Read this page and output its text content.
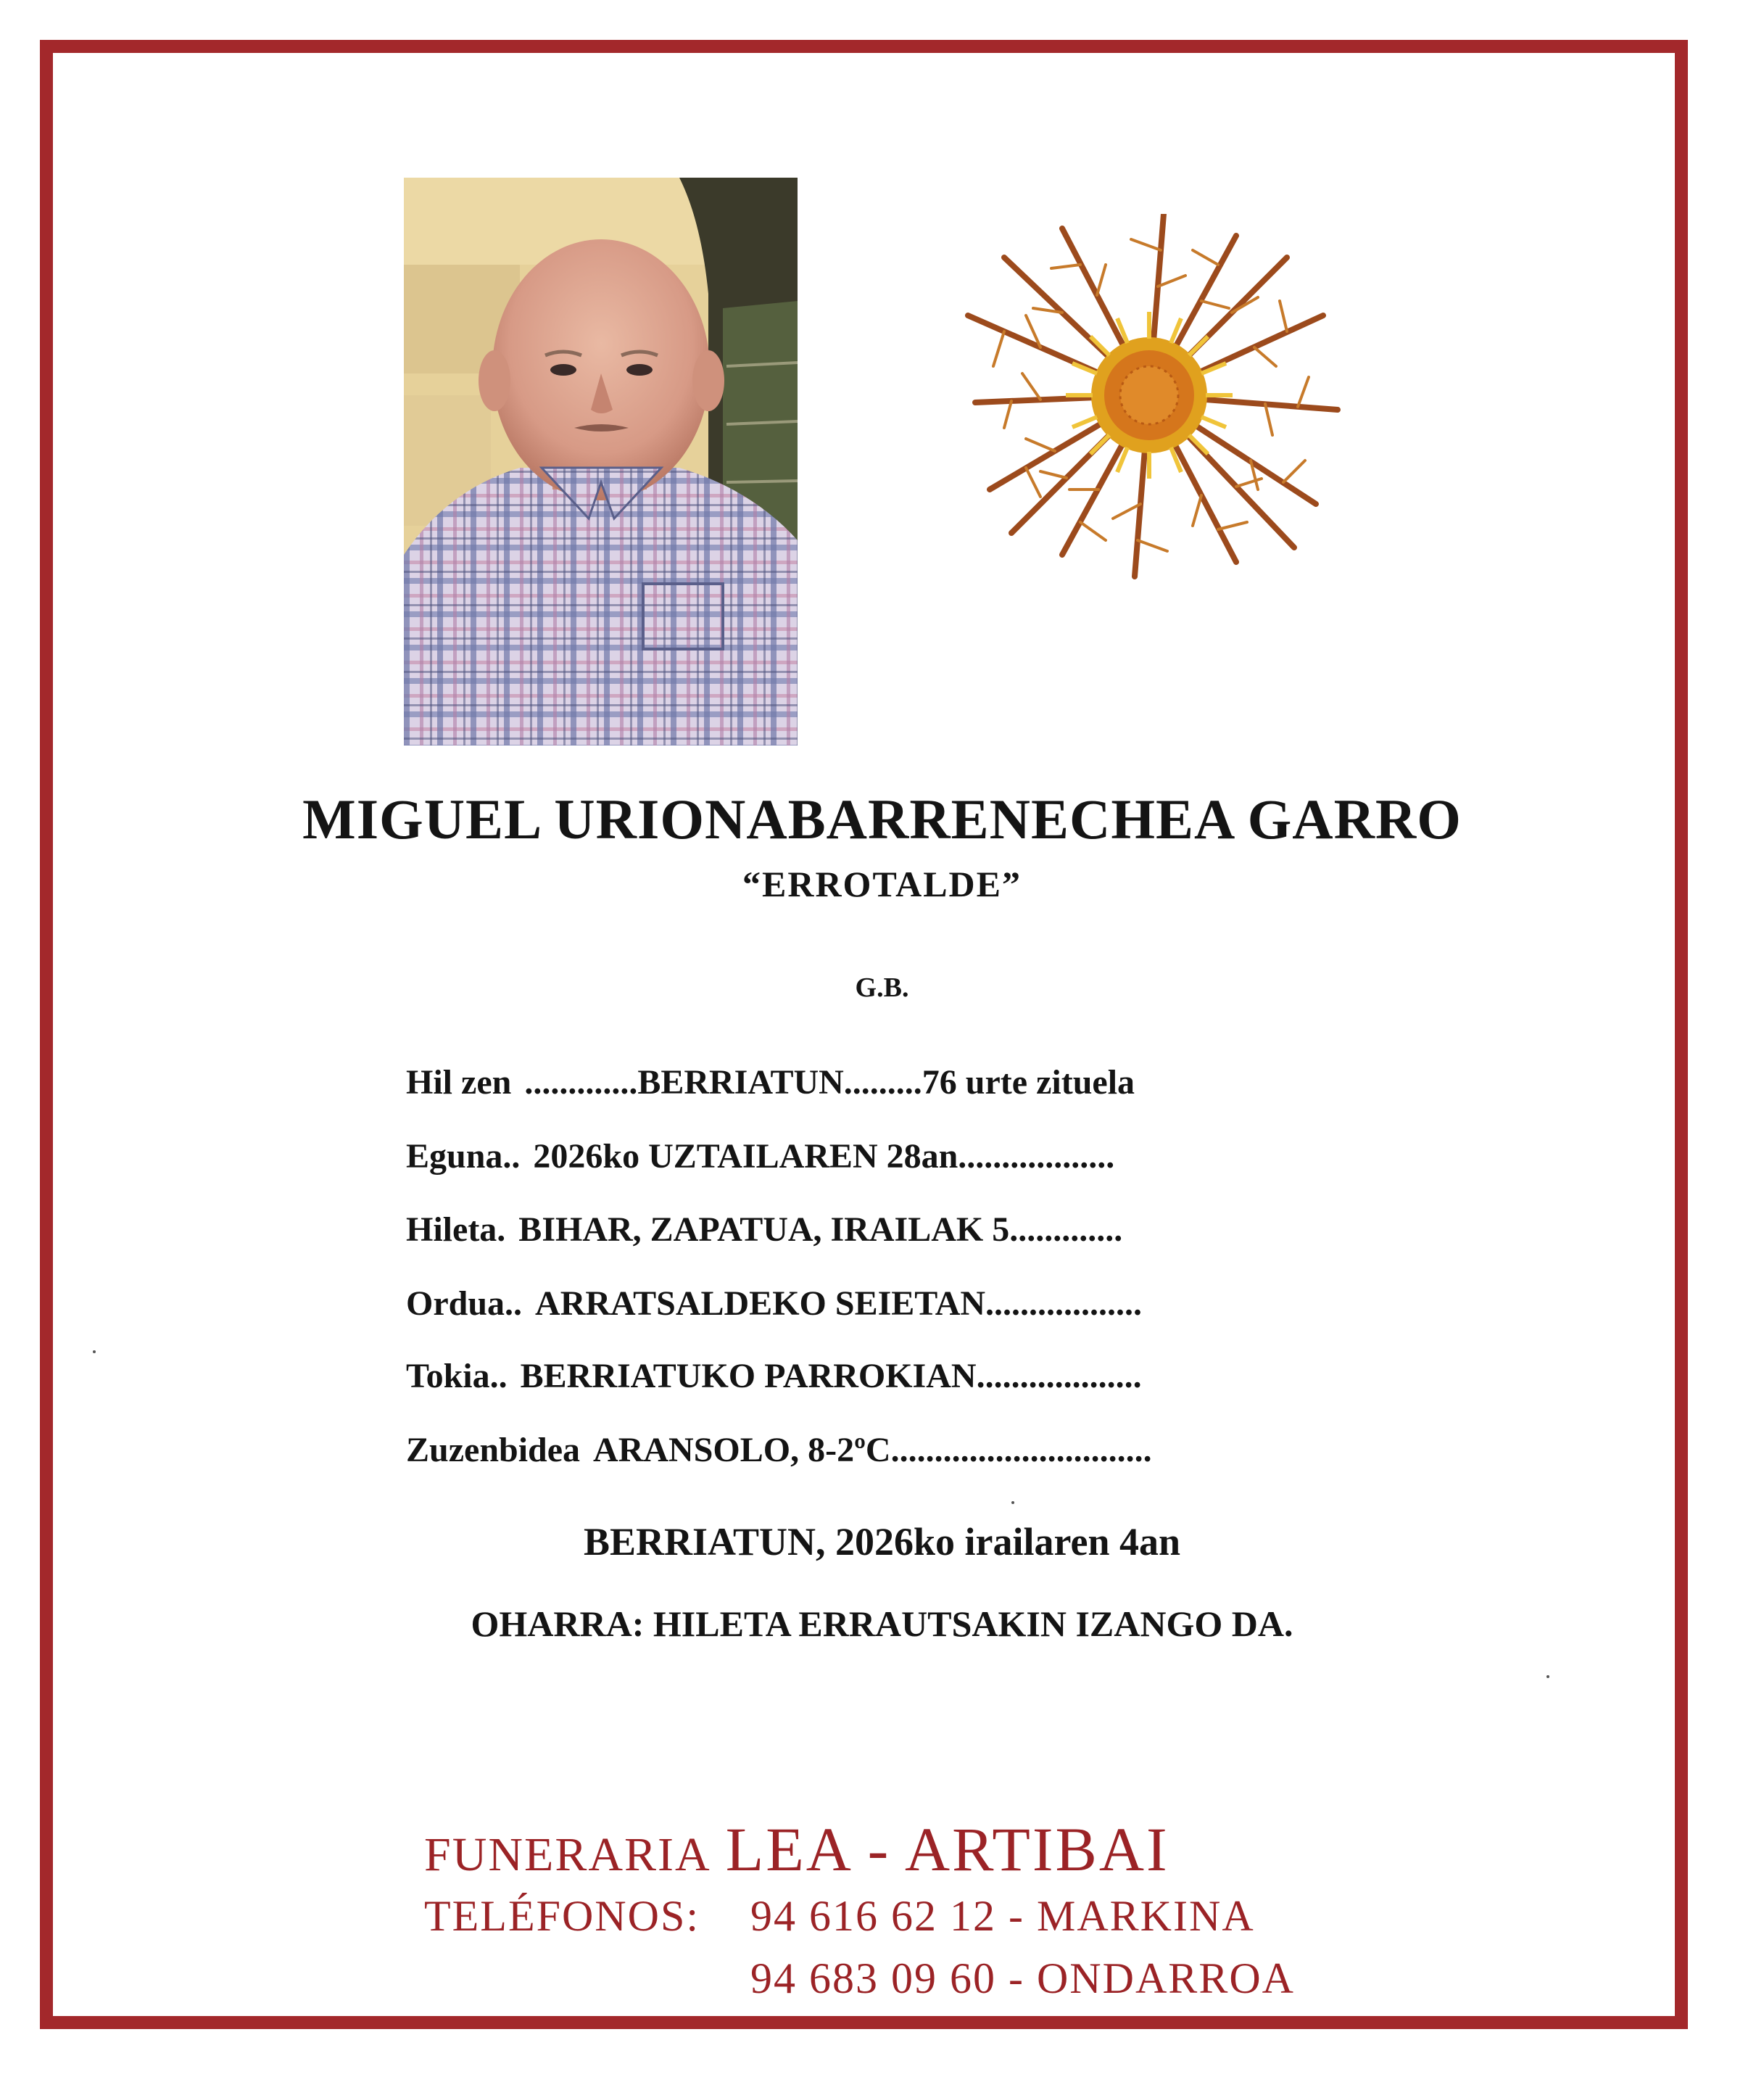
MIGUEL URIONABARRENECHEA GARRO
“ERROTALDE”
G.B.
Hil zen .............BERRIATUN.........76 urte zituela
Eguna.. 2026ko UZTAILAREN 28an..................
Hileta. BIHAR, ZAPATUA, IRAILAK 5.............
Ordua.. ARRATSALDEKO SEIETAN..................
Tokia.. BERRIATUKO PARROKIAN...................
Zuzenbidea ARANSOLO, 8-2ºC..............................
BERRIATUN, 2026ko irailaren 4an
OHARRA: HILETA ERRAUTSAKIN IZANGO DA.
FUNERARIA LEA - ARTIBAI
TELÉFONOS: 94 616 62 12 - MARKINA
94 683 09 60 - ONDARROA
